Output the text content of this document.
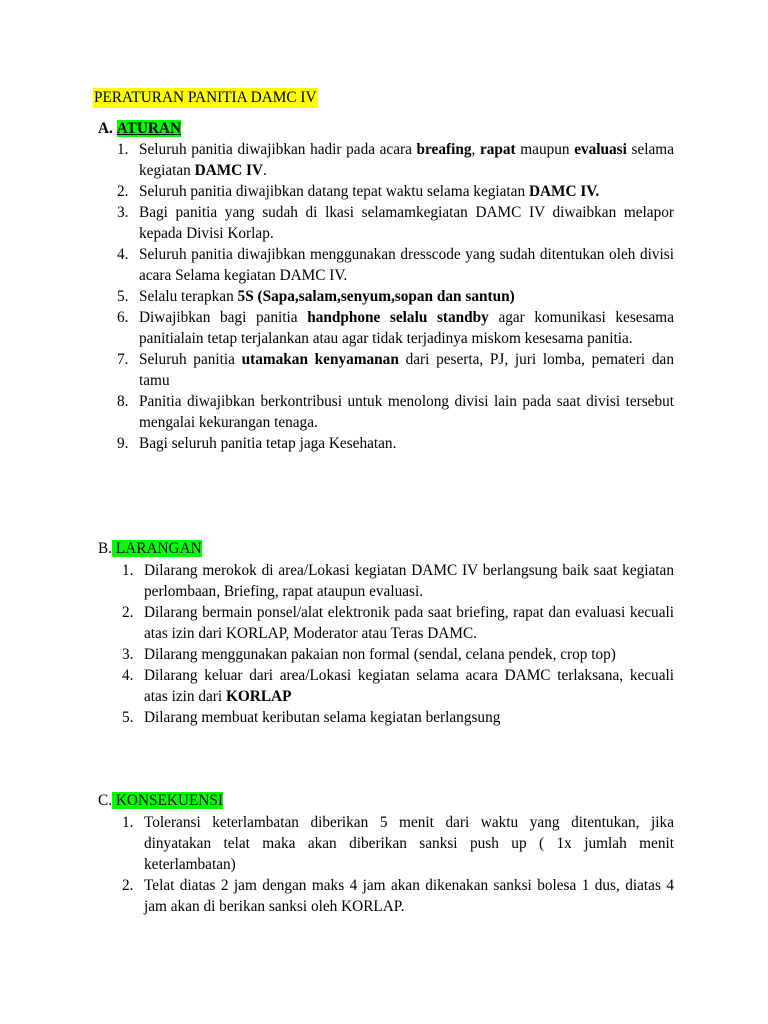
PERATURAN PANITIA DAMC IV
A. ATURAN
1. Seluruh panitia diwajibkan hadir pada acara breafing, rapat maupun evaluasi selama kegiatan DAMC IV.
2. Seluruh panitia diwajibkan datang tepat waktu selama kegiatan DAMC IV.
3. Bagi panitia yang sudah di lkasi selamamkegiatan DAMC IV diwaibkan melapor kepada Divisi Korlap.
4. Seluruh panitia diwajibkan menggunakan dresscode yang sudah ditentukan oleh divisi acara Selama kegiatan DAMC IV.
5. Selalu terapkan 5S (Sapa,salam,senyum,sopan dan santun)
6. Diwajibkan bagi panitia handphone selalu standby agar komunikasi kesesama panitialain tetap terjalankan atau agar tidak terjadinya miskom kesesama panitia.
7. Seluruh panitia utamakan kenyamanan dari peserta, PJ, juri lomba, pemateri dan tamu
8. Panitia diwajibkan berkontribusi untuk menolong divisi lain pada saat divisi tersebut mengalai kekurangan tenaga.
9. Bagi seluruh panitia tetap jaga Kesehatan.
B. LARANGAN
1. Dilarang merokok di area/Lokasi kegiatan DAMC IV berlangsung baik saat kegiatan perlombaan, Briefing, rapat ataupun evaluasi.
2. Dilarang bermain ponsel/alat elektronik pada saat briefing, rapat dan evaluasi kecuali atas izin dari KORLAP, Moderator atau Teras DAMC.
3. Dilarang menggunakan pakaian non formal (sendal, celana pendek, crop top)
4. Dilarang keluar dari area/Lokasi kegiatan selama acara DAMC terlaksana, kecuali atas izin dari KORLAP
5. Dilarang membuat keributan selama kegiatan berlangsung
C. KONSEKUENSI
1. Toleransi keterlambatan diberikan 5 menit dari waktu yang ditentukan, jika dinyatakan telat maka akan diberikan sanksi push up ( 1x jumlah menit keterlambatan)
2. Telat diatas 2 jam dengan maks 4 jam akan dikenakan sanksi bolesa 1 dus, diatas 4 jam akan di berikan sanksi oleh KORLAP.
